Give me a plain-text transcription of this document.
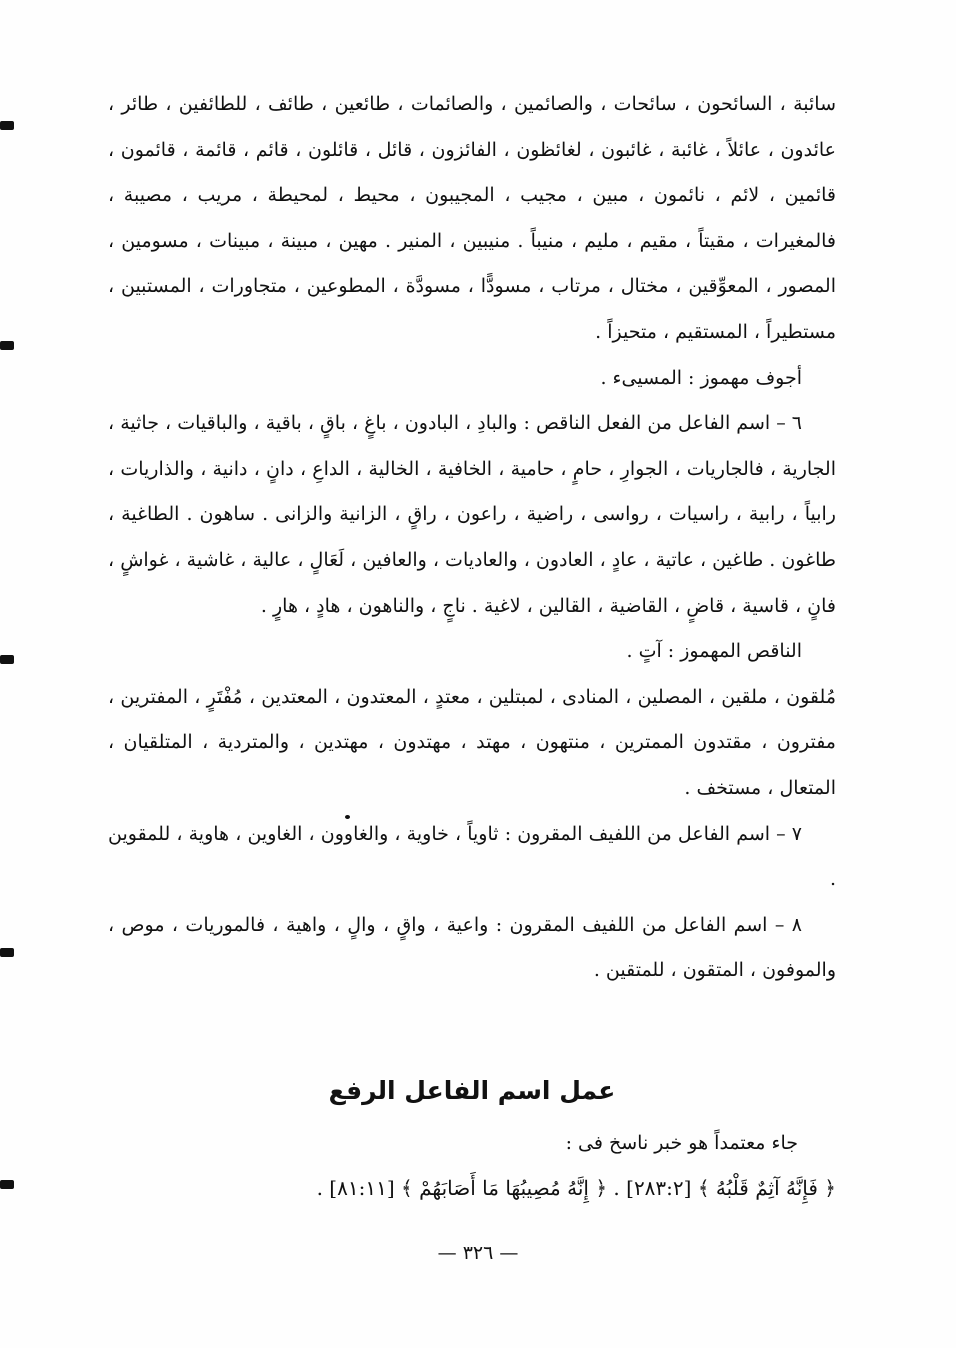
سائبة ، السائحون ، سائحات ، والصائمين ، والصائمات ، طائعين ، طائف ، للطائفين ، طائر ، عائدون ، عائلاً ، غائبة ، غائبون ، لغائظون ، الفائزون ، قائل ، قائلون ، قائم ، قائمة ، قائمون ، قائمين ، لائم ، نائمون ، مبين ، مجيب ، المجيبون ، محيط ، لمحيطة ، مريب ، مصيبة ، فالمغيرات ، مقيتاً ، مقيم ، مليم ، منيباً . منيبين ، المنير . مهين ، مبينة ، مبينات ، مسومين ، المصور ، المعوِّقين ، مختال ، مرتاب ، مسودًّا ، مسودَّة ، المطوعين ، متجاورات ، المستبين ، مستطيراً ، المستقيم ، متحيزاً .

أجوف مهموز : المسيىء .

٦ – اسم الفاعل من الفعل الناقص : والبادِ ، البادون ، باغٍ ، باقٍ ، باقية ، والباقيات ، جاثية ، الجارية ، فالجاريات ، الجوارِ ، حامٍ ، حامية ، الخافية ، الخالية ، الداعِ ، دانٍ ، دانية ، والذاريات ، رابياً ، رابية ، راسيات ، رواسى ، راضية ، راعون ، راقٍ ، الزانية والزانى . ساهون . الطاغية ، طاغون . طاغين ، عاتية ، عادٍ ، العادون ، والعاديات ، والعافين ، لَعَالٍ ، عالية ، غاشية ، غواشٍ ، فانٍ ، قاسية ، قاضٍ ، القاضية ، القالين ، لاغية . ناجٍ ، والناهون ، هادٍ ، هارٍ .

الناقص المهموز : آتٍ .

مُلقون ، ملقين ، المصلين ، المنادى ، لمبتلين ، معتدٍ ، المعتدون ، المعتدين ، مُفْتَرٍ ، المفترين ، مفترون ، مقتدون الممترين ، منتهون ، مهتد ، مهتدون ، مهتدين ، والمتردية ، المتلقيان ، المتعال ، مستخف .

٧ – اسم الفاعل من اللفيف المقرون : ثاوياً ، خاوية ، والغاوون ، الغاوين ، هاوية ، للمقوين .

٨ – اسم الفاعل من اللفيف المقرون : واعية ، واقٍ ، والٍ ، واهية ، فالموريات ، موص ، والموفون ، المتقون ، للمتقين .

عمل اسم الفاعل الرفع
جاء معتمداً هو خبر ناسخ فى :
﴿ فَإِنَّهُ آثِمٌ قَلْبُهُ ﴾ [٢٨٣:٢] . ﴿ إِنَّهُ مُصِيبُهَا مَا أَصَابَهُمْ ﴾ [٨١:١١] .
— ٣٢٦ —
